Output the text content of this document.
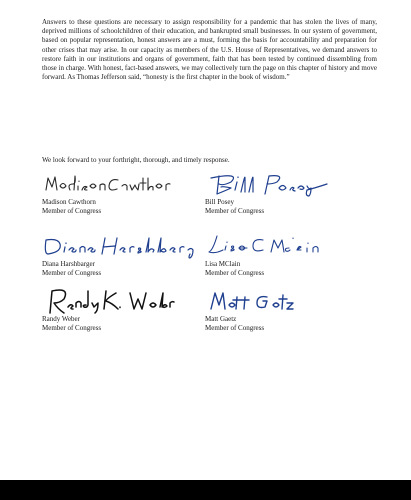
Answers to these questions are necessary to assign responsibility for a pandemic that has stolen the lives of many, deprived millions of schoolchildren of their education, and bankrupted small businesses. In our system of government, based on popular representation, honest answers are a must, forming the basis for accountability and preparation for other crises that may arise. In our capacity as members of the U.S. House of Representatives, we demand answers to restore faith in our institutions and organs of government, faith that has been tested by continued dissembling from those in charge. With honest, fact-based answers, we may collectively turn the page on this chapter of history and move forward. As Thomas Jefferson said, “honesty is the first chapter in the book of wisdom.”

We look forward to your forthright, thorough, and timely response.

Madison Cawthorn
Member of Congress
Bill Posey
Member of Congress
Diana Harshbarger
Member of Congress
Lisa MClain
Member of Congress
Randy Weber
Member of Congress
Matt Gaetz
Member of Congress
